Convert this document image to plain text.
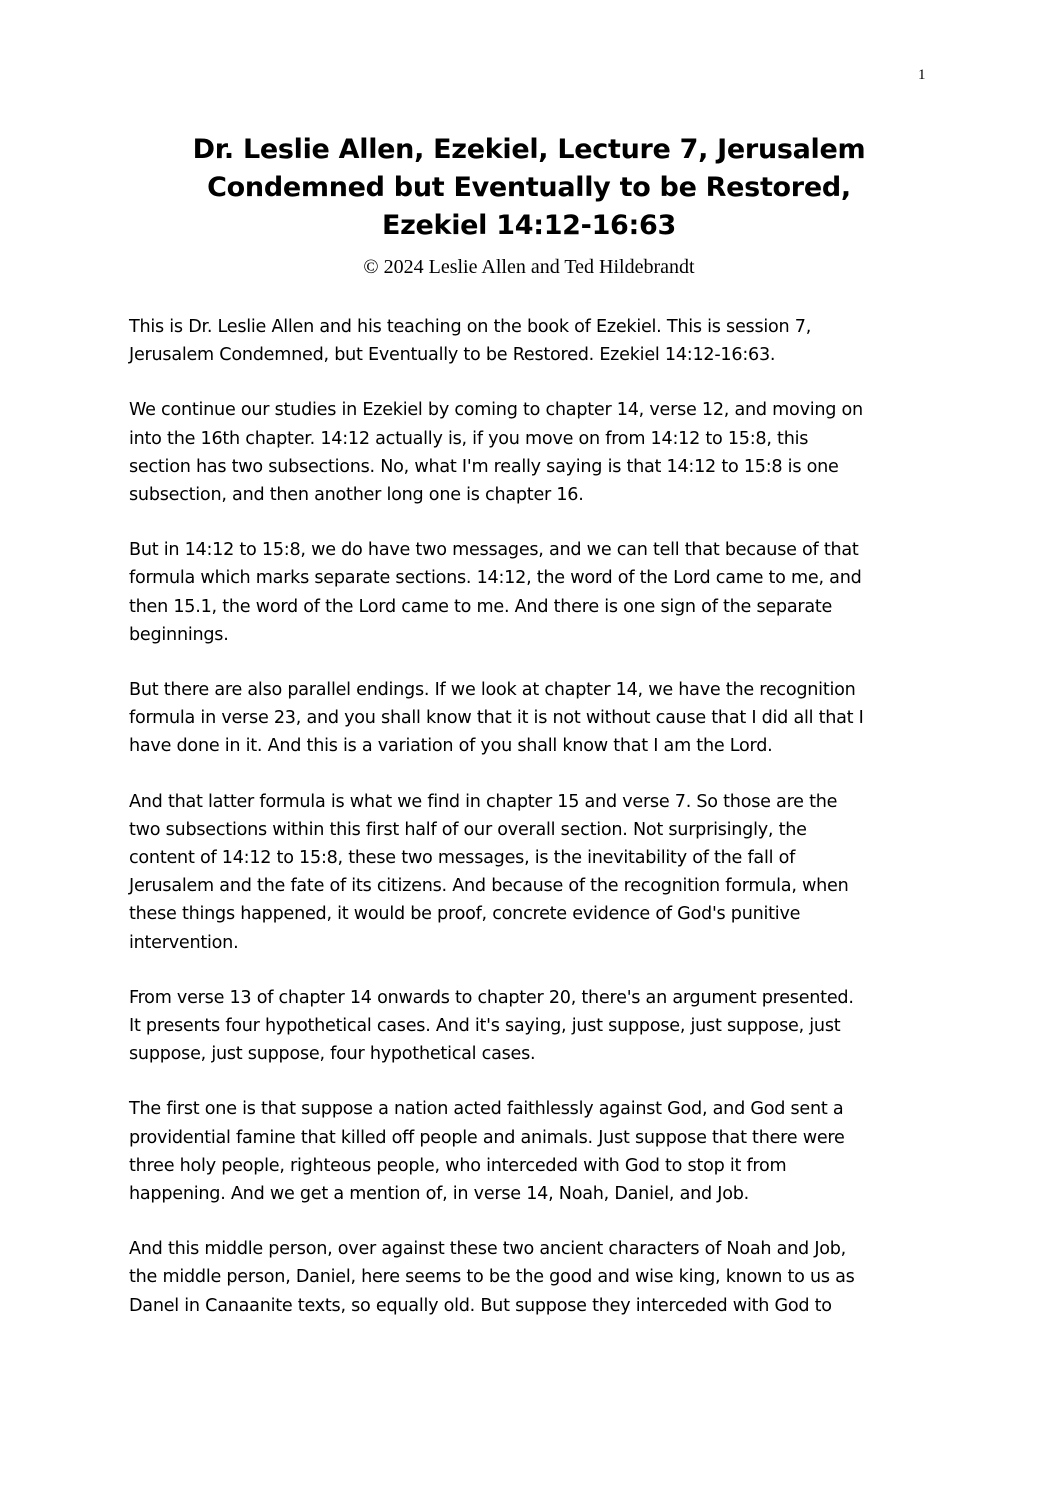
1
Dr. Leslie Allen, Ezekiel, Lecture 7, Jerusalem
Condemned but Eventually to be Restored,
Ezekiel 14:12-16:63

© 2024 Leslie Allen and Ted Hildebrandt

This is Dr. Leslie Allen and his teaching on the book of Ezekiel. This is session 7,
Jerusalem Condemned, but Eventually to be Restored. Ezekiel 14:12-16:63.

We continue our studies in Ezekiel by coming to chapter 14, verse 12, and moving on
into the 16th chapter. 14:12 actually is, if you move on from 14:12 to 15:8, this
section has two subsections. No, what I'm really saying is that 14:12 to 15:8 is one
subsection, and then another long one is chapter 16.

But in 14:12 to 15:8, we do have two messages, and we can tell that because of that
formula which marks separate sections. 14:12, the word of the Lord came to me, and
then 15.1, the word of the Lord came to me. And there is one sign of the separate
beginnings.

But there are also parallel endings. If we look at chapter 14, we have the recognition
formula in verse 23, and you shall know that it is not without cause that I did all that I
have done in it. And this is a variation of you shall know that I am the Lord.

And that latter formula is what we find in chapter 15 and verse 7. So those are the
two subsections within this first half of our overall section. Not surprisingly, the
content of 14:12 to 15:8, these two messages, is the inevitability of the fall of
Jerusalem and the fate of its citizens. And because of the recognition formula, when
these things happened, it would be proof, concrete evidence of God's punitive
intervention.

From verse 13 of chapter 14 onwards to chapter 20, there's an argument presented.
It presents four hypothetical cases. And it's saying, just suppose, just suppose, just
suppose, just suppose, four hypothetical cases.

The first one is that suppose a nation acted faithlessly against God, and God sent a
providential famine that killed off people and animals. Just suppose that there were
three holy people, righteous people, who interceded with God to stop it from
happening. And we get a mention of, in verse 14, Noah, Daniel, and Job.

And this middle person, over against these two ancient characters of Noah and Job,
the middle person, Daniel, here seems to be the good and wise king, known to us as
Danel in Canaanite texts, so equally old. But suppose they interceded with God to
